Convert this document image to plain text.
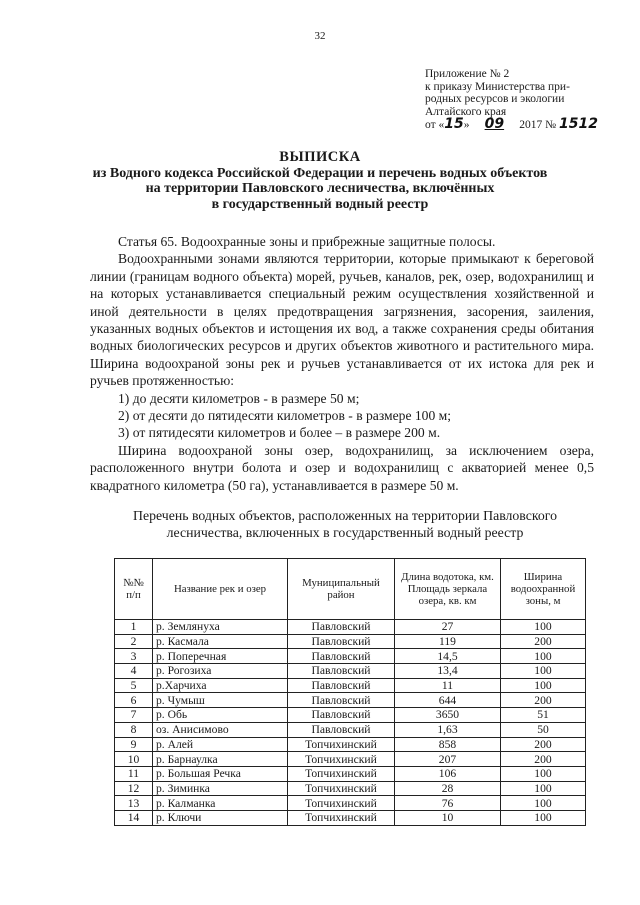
32
Приложение № 2
к приказу Министерства при-
родных ресурсов и экологии
Алтайского края
от «15» 09 2017 № 1512
ВЫПИСКА
из Водного кодекса Российской Федерации и перечень водных объектов
на территории Павловского лесничества, включённых
в государственный водный реестр

Статья 65. Водоохранные зоны и прибрежные защитные полосы.

Водоохранными зонами являются территории, которые примыкают к береговой линии (границам водного объекта) морей, ручьев, каналов, рек, озер, водохранилищ и на которых устанавливается специальный режим осуществления хозяйственной и иной деятельности в целях предотвращения загрязнения, засорения, заиления, указанных водных объектов и истощения их вод, а также сохранения среды обитания водных биологических ресурсов и других объектов животного и растительного мира. Ширина водоохраной зоны рек и ручьев устанавливается от их истока для рек и ручьев протяженностью:

1) до десяти километров - в размере 50 м;

2) от десяти до пятидесяти километров - в размере 100 м;

3) от пятидесяти километров и более – в размере 200 м.

Ширина водоохраной зоны озер, водохранилищ, за исключением озера, расположенного внутри болота и озер и водохранилищ с акваторией менее 0,5 квадратного километра (50 га), устанавливается в размере 50 м.

Перечень водных объектов, расположенных на территории Павловского лесничества, включенных в государственный водный реестр
№№ п/п	Название рек и озер	Муниципальный район	Длина водотока, км. Площадь зеркала озера, кв. км	Ширина водоохранной зоны, м
1	р. Землянуха	Павловский	27	100
2	р. Касмала	Павловский	119	200
3	р. Поперечная	Павловский	14,5	100
4	р. Рогозиха	Павловский	13,4	100
5	р.Харчиха	Павловский	11	100
6	р. Чумыш	Павловский	644	200
7	р. Обь	Павловский	3650	51
8	оз. Анисимово	Павловский	1,63	50
9	р. Алей	Топчихинский	858	200
10	р. Барнаулка	Топчихинский	207	200
11	р. Большая Речка	Топчихинский	106	100
12	р. Зиминка	Топчихинский	28	100
13	р. Калманка	Топчихинский	76	100
14	р. Ключи	Топчихинский	10	100
